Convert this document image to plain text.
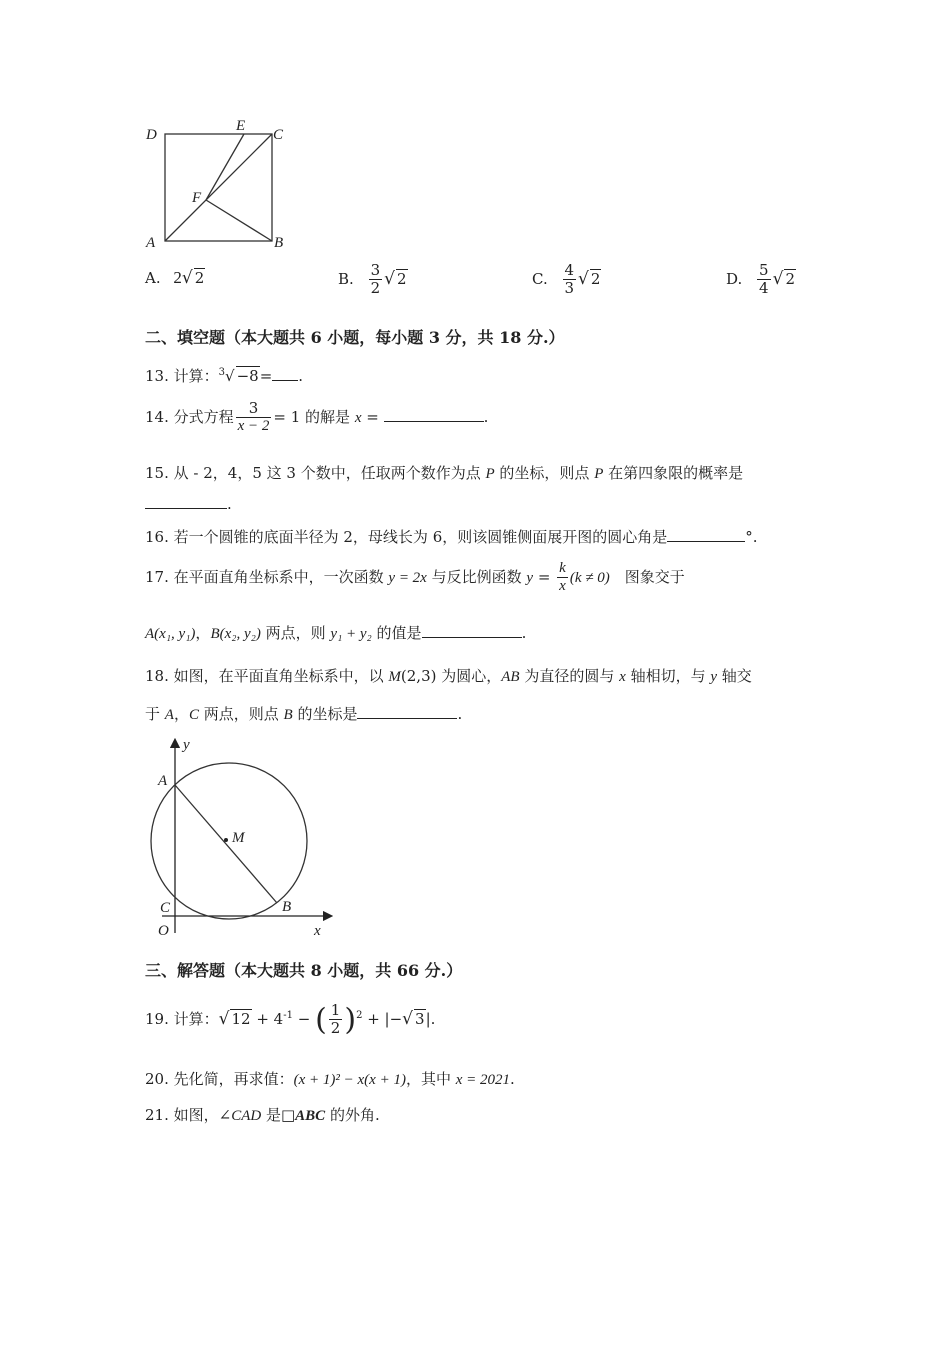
D
E
C
F
A	B
A. 2√ 2	B. $\frac{3}{2}$ √ 2	C. $\frac{4}{3}$ √ 2	D. $\frac{5}{4}$ √ 2
二、填空题（本大题共 6 小题，每小题 3 分，共 18 分.）
13. 计算：$^3$√ −8= .
14. 分式方程 $\frac{3}{x - 2} = 1$ 的解是 x =	.
15. 从 - 2，4，5 这 3 个数中，任取两个数作为点 P 的坐标，则点 P 在第四象限的概率是
.
16. 若一个圆锥的底面半径为 2，母线长为 6，则该圆锥侧面展开图的圆心角是	°.
17. 在平面直角坐标系中，一次函数 y = 2x 与反比例函数 $y = \frac{k}{x} (k \ne 0)$　图象交于
A(x₁, y₁)，B(x₂, y₂) 两点，则 y₁ + y₂ 的值是	.
18. 如图，在平面直角坐标系中，以 M(2,3) 为圆心，AB 为直径的圆与 x 轴相切，与 y 轴交
于 A，C 两点，则点 B 的坐标是	.
y
A
M
C	B
O	x
三、解答题（本大题共 8 小题，共 66 分.）
19. 计算：√ $12 + 4^{-1}$ − ( $\frac{1}{2} )^2$ + |−√ 3|.
20. 先化简，再求值：(x + 1)² − x(x + 1)，其中 x = 2021.
21. 如图，∠CAD 是□ABC 的外角.
